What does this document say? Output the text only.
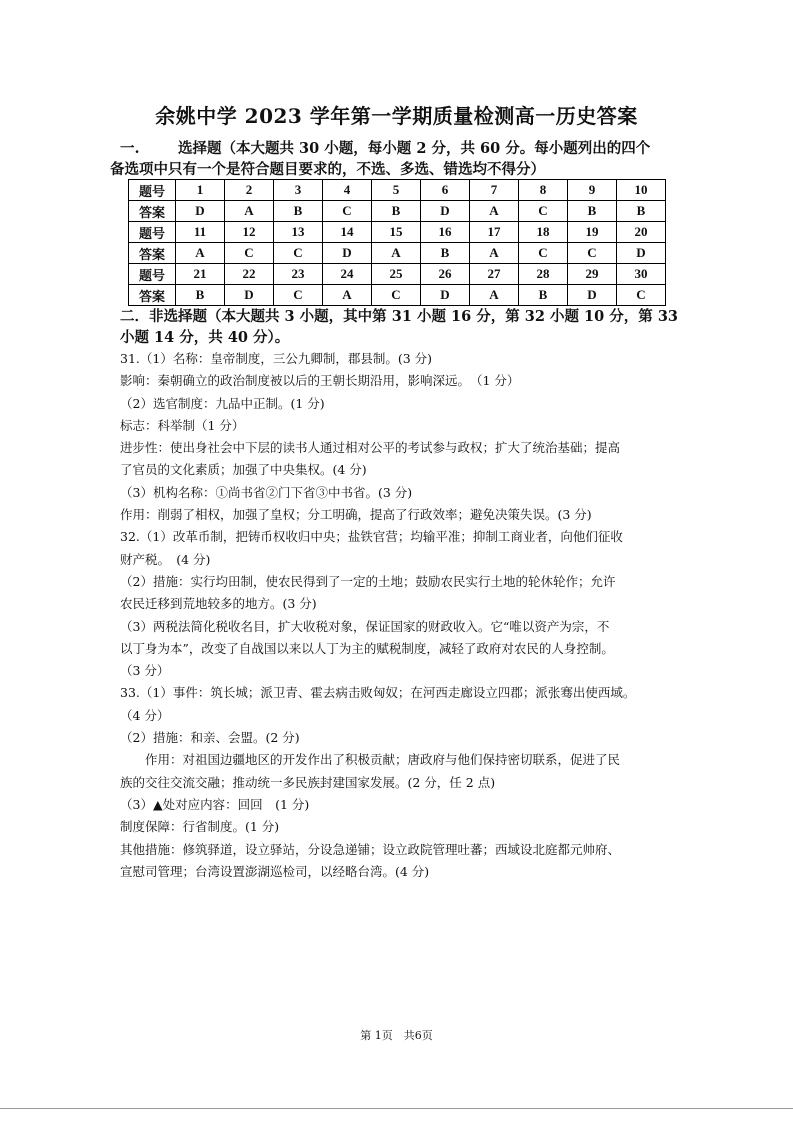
余姚中学 2023 学年第一学期质量检测高一历史答案
一.	选择题（本大题共 30 小题，每小题 2 分，共 60 分。每小题列出的四个
备选项中只有一个是符合题目要求的，不选、多选、错选均不得分）
题号	1	2	3	4	5	6	7	8	9	10
答案	D	A	B	C	B	D	A	C	B	B
题号	11	12	13	14	15	16	17	18	19	20
答案	A	C	C	D	A	B	A	C	C	D
题号	21	22	23	24	25	26	27	28	29	30
答案	B	D	C	A	C	D	A	B	D	C
二．非选择题（本大题共 3 小题，其中第 31 小题 16 分，第 32 小题 10 分，第 33
小题 14 分，共 40 分）。
31.（1）名称：皇帝制度，三公九卿制，郡县制。(3 分)
影响：秦朝确立的政治制度被以后的王朝长期沿用，影响深远。　（1 分）
（2）选官制度：九品中正制。(1 分)
标志：科举制（1 分）
进步性：使出身社会中下层的读书人通过相对公平的考试参与政权；扩大了统治基础；提高
了官员的文化素质；加强了中央集权。(4 分)
（3）机构名称：①尚书省②门下省③中书省。(3 分)
作用：削弱了相权，加强了皇权；分工明确，提高了行政效率；避免决策失误。(3 分)
32.（1）改革币制，把铸币权收归中央；盐铁官营；均输平准；抑制工商业者，向他们征收
财产税。　(4 分)
（2）措施：实行均田制，使农民得到了一定的土地；鼓励农民实行土地的轮休轮作；允许
农民迁移到荒地较多的地方。(3 分)
（3）两税法简化税收名目，扩大收税对象，保证国家的财政收入。它“唯以资产为宗，不
以丁身为本”，改变了自战国以来以人丁为主的赋税制度，减轻了政府对农民的人身控制。
（3 分）
33.（1）事件：筑长城；派卫青、霍去病击败匈奴；在河西走廊设立四郡；派张骞出使西域。
（4 分）
（2）措施：和亲、会盟。(2 分)
　　作用：对祖国边疆地区的开发作出了积极贡献；唐政府与他们保持密切联系，促进了民
族的交往交流交融；推动统一多民族封建国家发展。(2 分，任 2 点)
（3）▲处对应内容：回回　(1 分)
制度保障：行省制度。(1 分)
其他措施：修筑驿道，设立驿站，分设急递铺；设立政院管理吐蕃；西域设北庭都元帅府、
宣慰司管理；台湾设置澎湖巡检司，以经略台湾。(4 分)
第 1页　共6页
